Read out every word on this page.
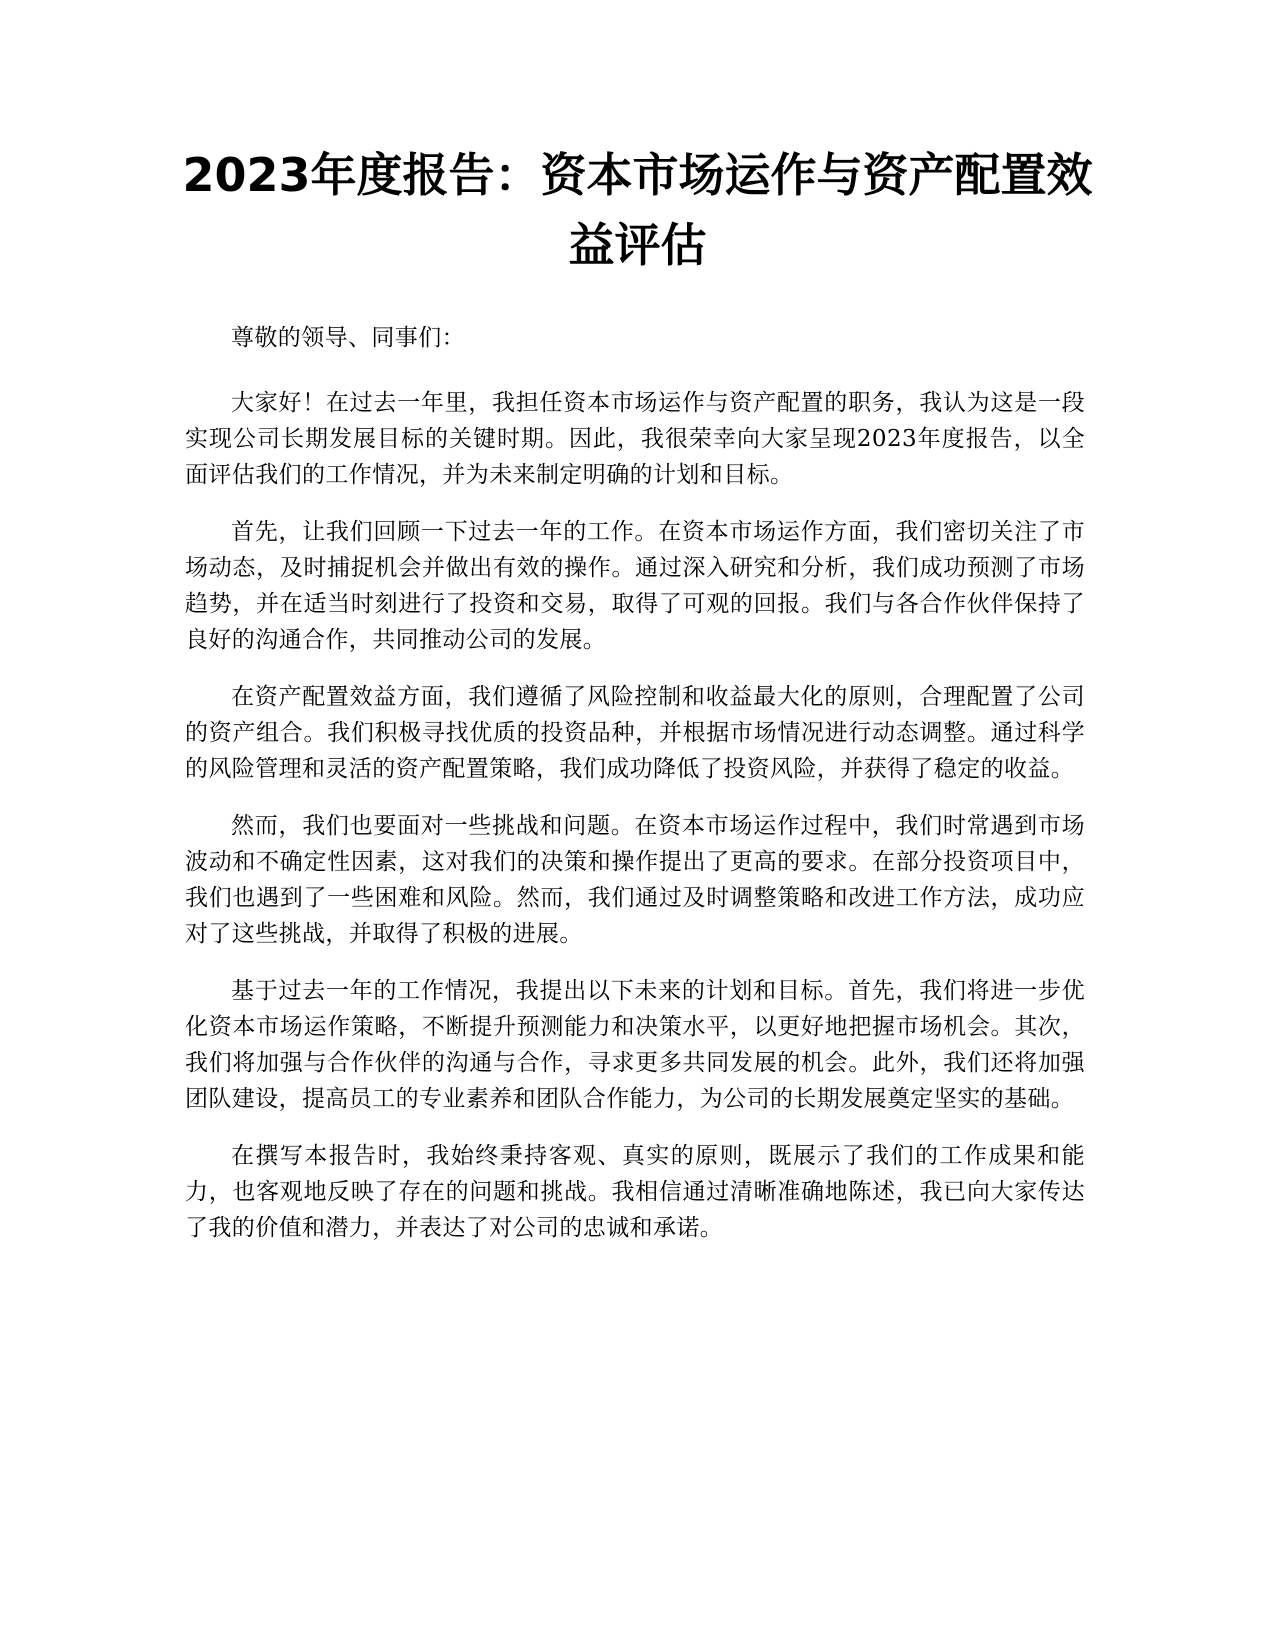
2023年度报告：资本市场运作与资产配置效益评估

尊敬的领导、同事们：

大家好！在过去一年里，我担任资本市场运作与资产配置的职务，我认为这是一段实现公司长期发展目标的关键时期。因此，我很荣幸向大家呈现2023年度报告，以全面评估我们的工作情况，并为未来制定明确的计划和目标。

首先，让我们回顾一下过去一年的工作。在资本市场运作方面，我们密切关注了市场动态，及时捕捉机会并做出有效的操作。通过深入研究和分析，我们成功预测了市场趋势，并在适当时刻进行了投资和交易，取得了可观的回报。我们与各合作伙伴保持了良好的沟通合作，共同推动公司的发展。

在资产配置效益方面，我们遵循了风险控制和收益最大化的原则，合理配置了公司的资产组合。我们积极寻找优质的投资品种，并根据市场情况进行动态调整。通过科学的风险管理和灵活的资产配置策略，我们成功降低了投资风险，并获得了稳定的收益。

然而，我们也要面对一些挑战和问题。在资本市场运作过程中，我们时常遇到市场波动和不确定性因素，这对我们的决策和操作提出了更高的要求。在部分投资项目中，我们也遇到了一些困难和风险。然而，我们通过及时调整策略和改进工作方法，成功应对了这些挑战，并取得了积极的进展。

基于过去一年的工作情况，我提出以下未来的计划和目标。首先，我们将进一步优化资本市场运作策略，不断提升预测能力和决策水平，以更好地把握市场机会。其次，我们将加强与合作伙伴的沟通与合作，寻求更多共同发展的机会。此外，我们还将加强团队建设，提高员工的专业素养和团队合作能力，为公司的长期发展奠定坚实的基础。

在撰写本报告时，我始终秉持客观、真实的原则，既展示了我们的工作成果和能力，也客观地反映了存在的问题和挑战。我相信通过清晰准确地陈述，我已向大家传达了我的价值和潜力，并表达了对公司的忠诚和承诺。
